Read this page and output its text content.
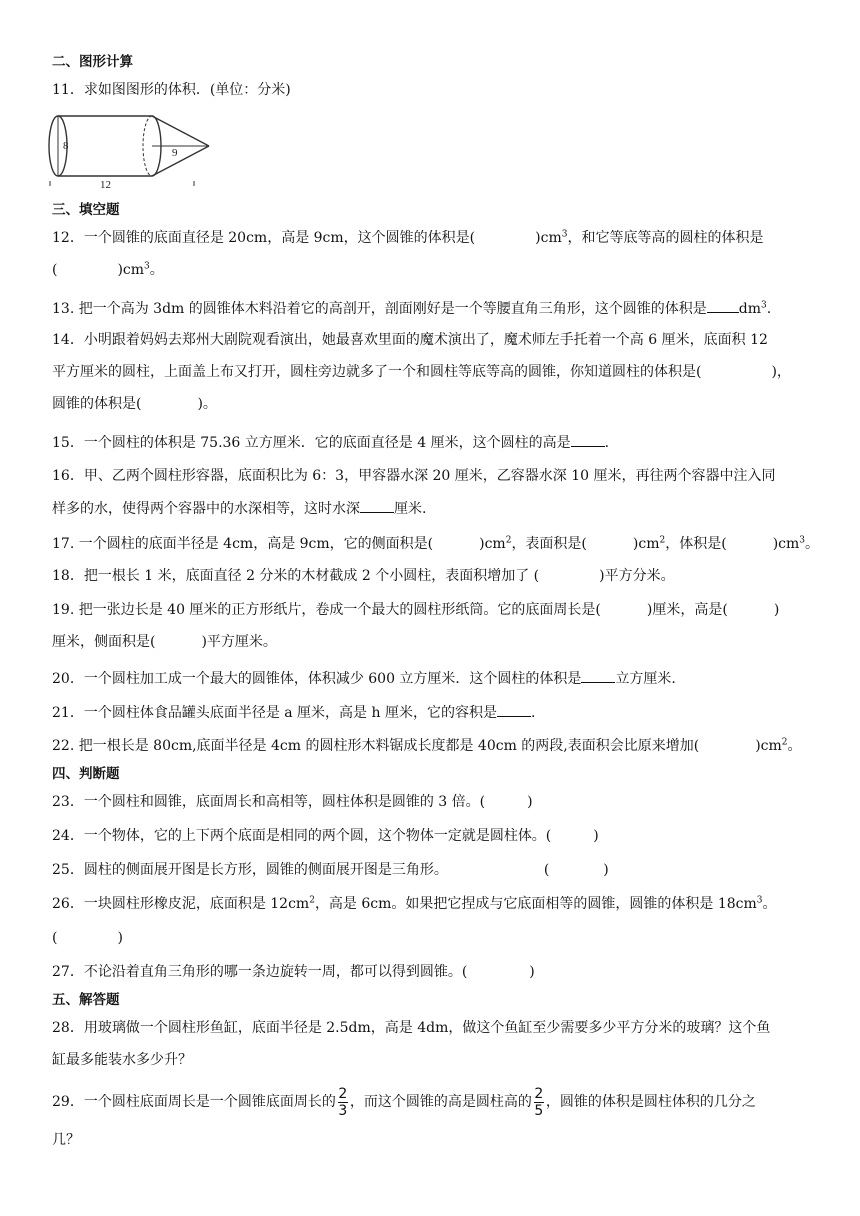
二、图形计算
11．求如图图形的体积．(单位：分米)
8
9
12
三、填空题
12．一个圆锥的底面直径是 20cm，高是 9cm，这个圆锥的体积是(	)$cm^3$，和它等底等高的圆柱的体积是
(	)$cm^3$。
13. 把一个高为 3dm 的圆锥体木料沿着它的高剖开，剖面刚好是一个等腰直角三角形，这个圆锥的体积是 $dm^3$.
14．小明跟着妈妈去郑州大剧院观看演出，她最喜欢里面的魔术演出了，魔术师左手托着一个高 6 厘米，底面积 12
平方厘米的圆柱，上面盖上布又打开，圆柱旁边就多了一个和圆柱等底等高的圆锥，你知道圆柱的体积是(	)，
圆锥的体积是(	)。
15．一个圆柱的体积是 75.36 立方厘米．它的底面直径是 4 厘米，这个圆柱的高是 .
16．甲、乙两个圆柱形容器，底面积比为 6：3，甲容器水深 20 厘米，乙容器水深 10 厘米，再往两个容器中注入同
样多的水，使得两个容器中的水深相等，这时水深 厘米.
17. 一个圆柱的底面半径是 4cm，高是 9cm，它的侧面积是(	)$cm^2$，表面积是(	)$cm^2$，体积是(	)$cm^3$。
18．把一根长 1 米，底面直径 2 分米的木材截成 2 个小圆柱，表面积增加了 (	)平方分米。
19. 把一张边长是 40 厘米的正方形纸片，卷成一个最大的圆柱形纸筒。它的底面周长是(	)厘米，高是(	)
厘米，侧面积是(	)平方厘米。
20．一个圆柱加工成一个最大的圆锥体，体积减少 600 立方厘米．这个圆柱的体积是 立方厘米.
21．一个圆柱体食品罐头底面半径是 a 厘米，高是 h 厘米，它的容积是 .
22. 把一根长是 80cm,底面半径是 4cm 的圆柱形木料锯成长度都是 40cm 的两段,表面积会比原来增加(	)$cm^2$。
四、判断题
23．一个圆柱和圆锥，底面周长和高相等，圆柱体积是圆锥的 3 倍。(	)
24．一个物体，它的上下两个底面是相同的两个圆，这个物体一定就是圆柱体。(	)
25．圆柱的侧面展开图是长方形，圆锥的侧面展开图是三角形。	(	)
26．一块圆柱形橡皮泥，底面积是 $12cm^2$，高是 6cm。如果把它捏成与它底面相等的圆锥，圆锥的体积是 $18cm^3$。
(	)
27．不论沿着直角三角形的哪一条边旋转一周，都可以得到圆锥。(	)
五、解答题
28．用玻璃做一个圆柱形鱼缸，底面半径是 2.5dm，高是 4dm，做这个鱼缸至少需要多少平方分米的玻璃？这个鱼
缸最多能装水多少升？
29．一个圆柱底面周长是一个圆锥底面周长的 $\frac{2}{3}$ ，而这个圆锥的高是圆柱高的 $\frac{2}{5}$ ，圆锥的体积是圆柱体积的几分之
几？
